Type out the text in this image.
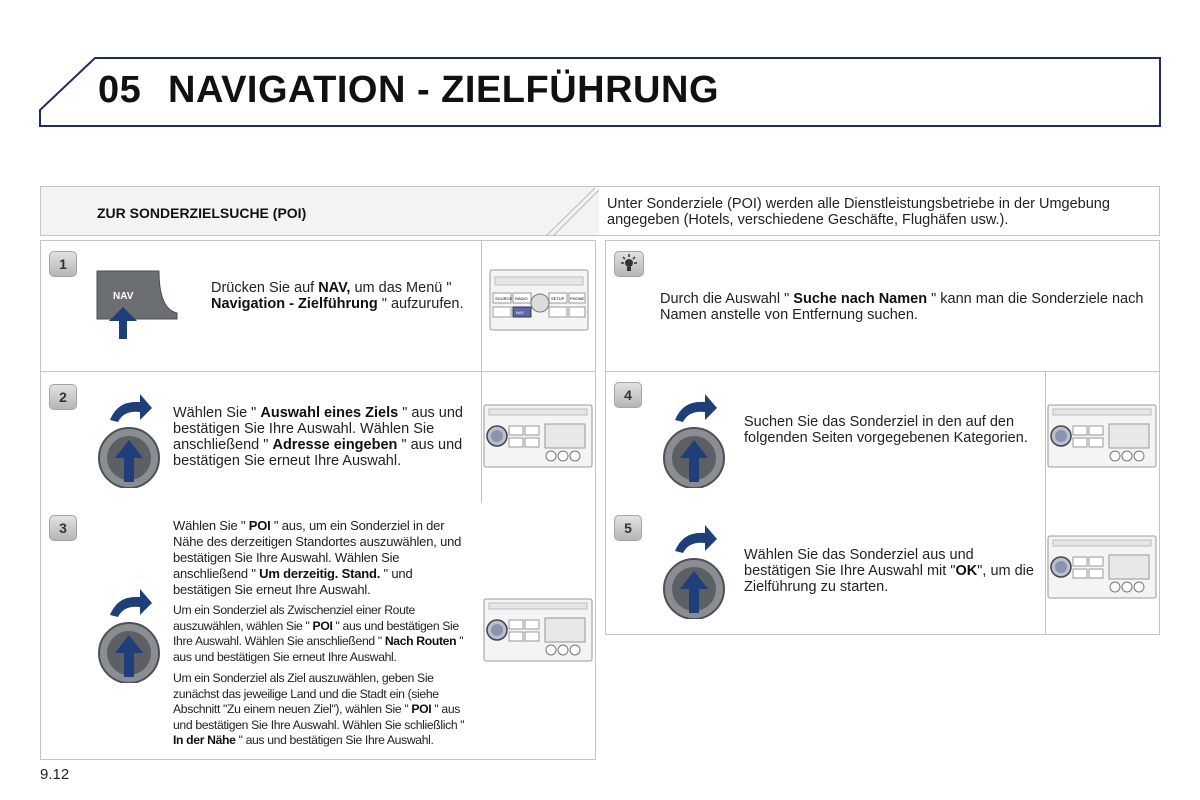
05 NAVIGATION - ZIELFÜHRUNG
ZUR SONDERZIELSUCHE (POI)
Unter Sonderziele (POI) werden alle Dienstleistungsbetriebe in der Umgebung angegeben (Hotels, verschiedene Geschäfte, Flughäfen usw.).
1
NAV
Drücken Sie auf NAV, um das Menü " Navigation - Zielführung " aufzurufen.	SOURCE RADIO	SETUP PHONE
NAV
2
Wählen Sie " Auswahl eines Ziels " aus und bestätigen Sie Ihre Auswahl. Wählen Sie anschließend " Adresse eingeben " aus und bestätigen Sie erneut Ihre Auswahl.
3	Wählen Sie " POI " aus, um ein Sonderziel in der Nähe des derzeitigen Standortes auszuwählen, und bestätigen Sie Ihre Auswahl. Wählen Sie anschließend " Um derzeitig. Stand. " und bestätigen Sie erneut Ihre Auswahl.
Um ein Sonderziel als Zwischenziel einer Route auszuwählen, wählen Sie " POI " aus und bestätigen Sie Ihre Auswahl. Wählen Sie anschließend " Nach Routen " aus und bestätigen Sie erneut Ihre Auswahl.
Um ein Sonderziel als Ziel auszuwählen, geben Sie zunächst das jeweilige Land und die Stadt ein (siehe Abschnitt "Zu einem neuen Ziel"), wählen Sie " POI " aus und bestätigen Sie Ihre Auswahl. Wählen Sie schließlich " In der Nähe " aus und bestätigen Sie Ihre Auswahl.
Durch die Auswahl " Suche nach Namen " kann man die Sonderziele nach Namen anstelle von Entfernung suchen.
4
Suchen Sie das Sonderziel in den auf den folgenden Seiten vorgegebenen Kategorien.
5
Wählen Sie das Sonderziel aus und bestätigen Sie Ihre Auswahl mit "OK", um die Zielführung zu starten.
9.12
